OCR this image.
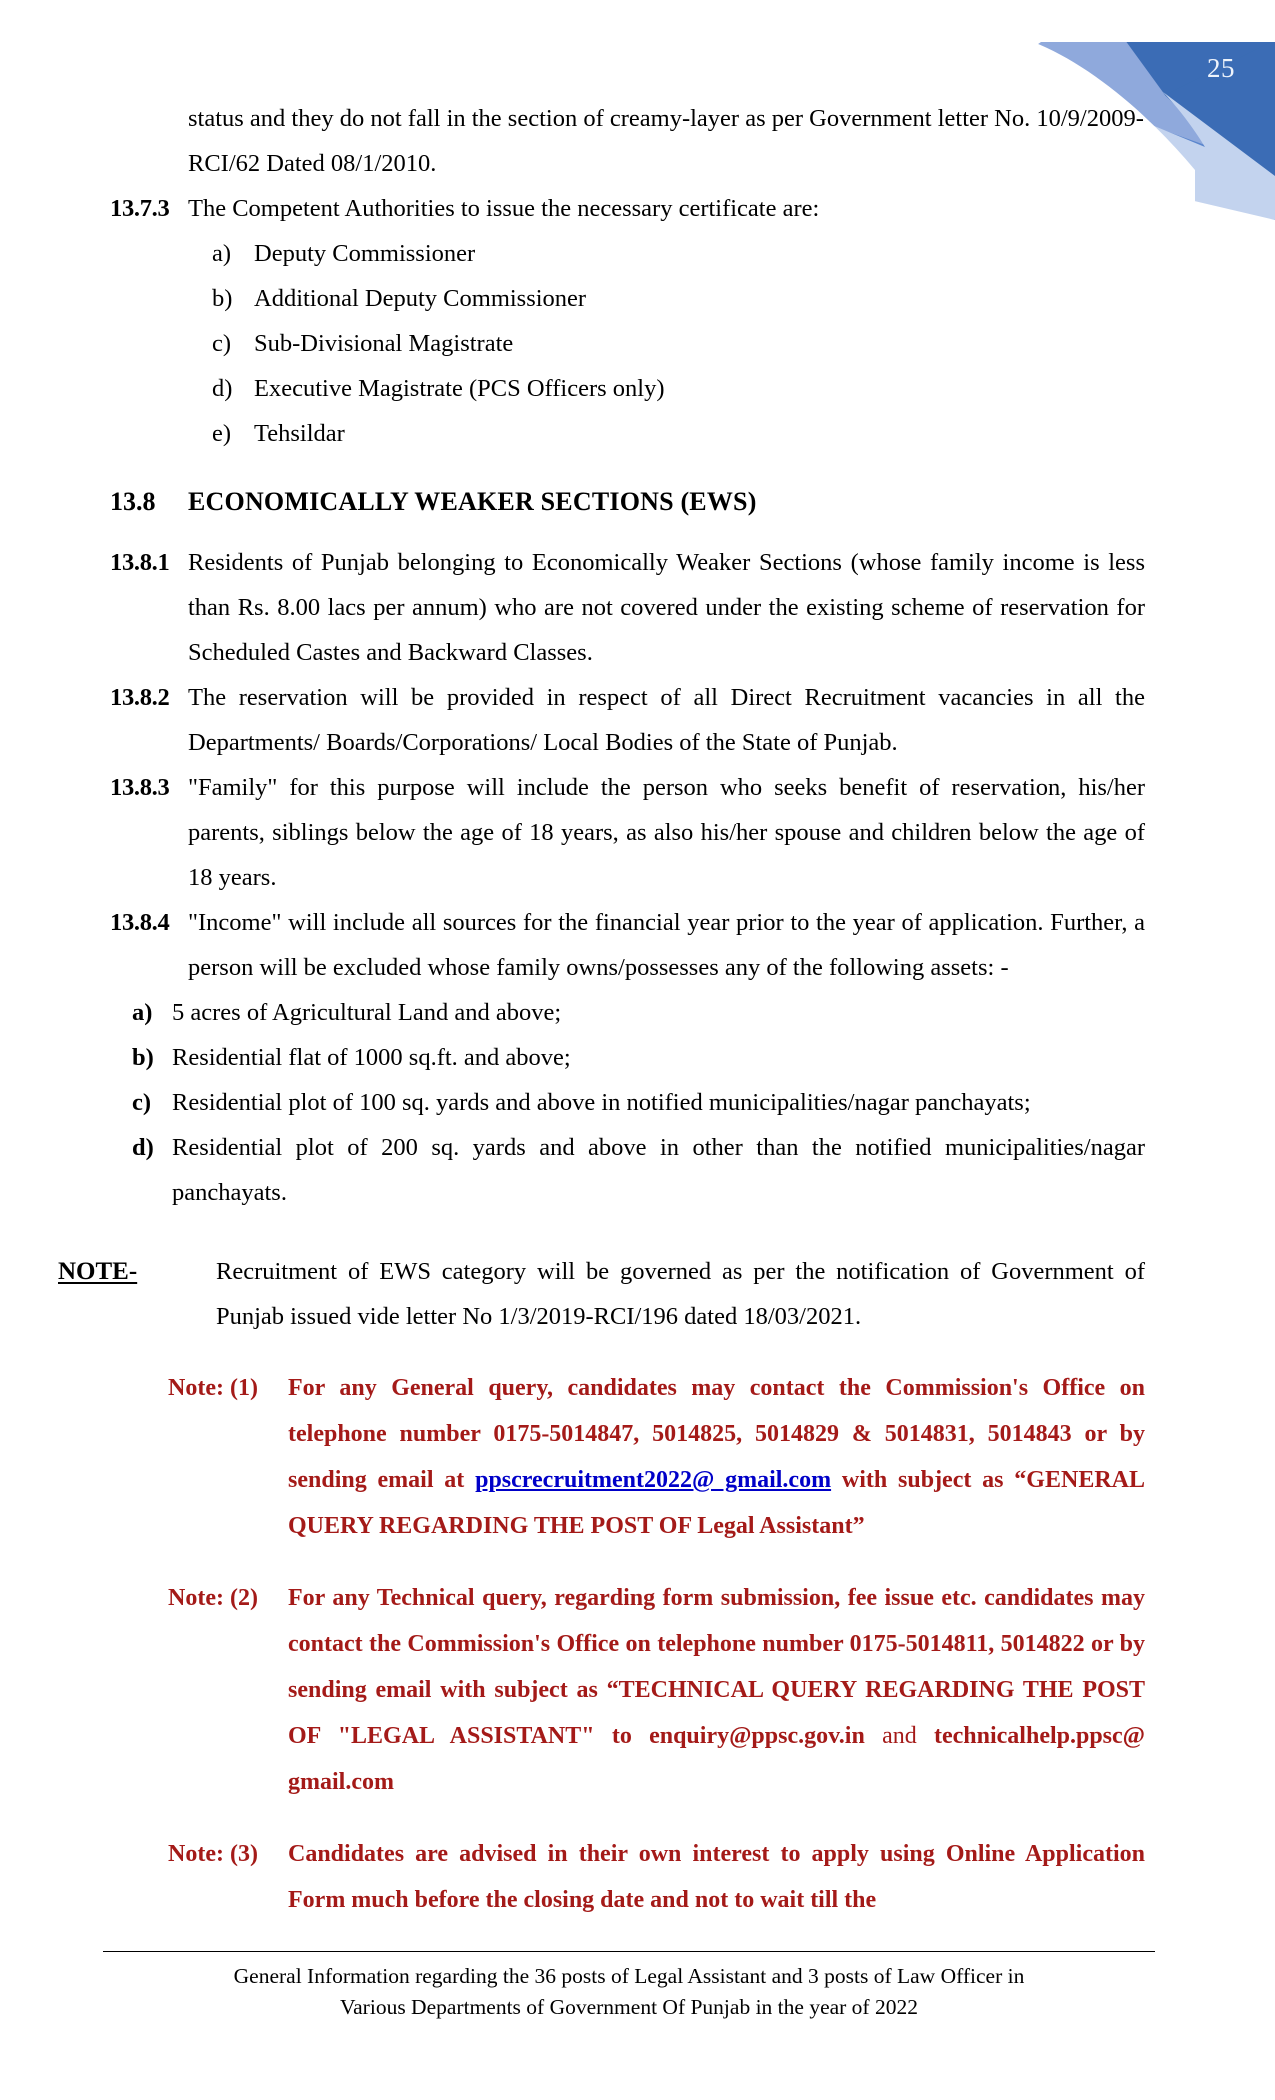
25
status and they do not fall in the section of creamy-layer as per Government letter No. 10/9/2009-RCI/62 Dated 08/1/2010.
13.7.3 The Competent Authorities to issue the necessary certificate are:
a) Deputy Commissioner
b) Additional Deputy Commissioner
c) Sub-Divisional Magistrate
d) Executive Magistrate (PCS Officers only)
e) Tehsildar
13.8	ECONOMICALLY WEAKER SECTIONS (EWS)
13.8.1 Residents of Punjab belonging to Economically Weaker Sections (whose family income is less than Rs. 8.00 lacs per annum) who are not covered under the existing scheme of reservation for Scheduled Castes and Backward Classes.
13.8.2 The reservation will be provided in respect of all Direct Recruitment vacancies in all the Departments/ Boards/Corporations/ Local Bodies of the State of Punjab.
13.8.3 "Family" for this purpose will include the person who seeks benefit of reservation, his/her parents, siblings below the age of 18 years, as also his/her spouse and children below the age of 18 years.
13.8.4 "Income" will include all sources for the financial year prior to the year of application. Further, a person will be excluded whose family owns/possesses any of the following assets: -
a) 5 acres of Agricultural Land and above;
b) Residential flat of 1000 sq.ft. and above;
c) Residential plot of 100 sq. yards and above in notified municipalities/nagar panchayats;
d) Residential plot of 200 sq. yards and above in other than the notified municipalities/nagar panchayats.
NOTE-	Recruitment of EWS category will be governed as per the notification of Government of Punjab issued vide letter No 1/3/2019-RCI/196 dated 18/03/2021.
Note: (1)	For any General query, candidates may contact the Commission's Office on telephone number 0175-5014847, 5014825, 5014829 & 5014831, 5014843 or by sending email at ppscrecruitment2022@ gmail.com with subject as “GENERAL QUERY REGARDING THE POST OF Legal Assistant”
Note: (2)	For any Technical query, regarding form submission, fee issue etc. candidates may contact the Commission's Office on telephone number 0175-5014811, 5014822 or by sending email with subject as “TECHNICAL QUERY REGARDING THE POST OF "LEGAL ASSISTANT" to enquiry@ppsc.gov.in and technicalhelp.ppsc@ gmail.com
Note: (3)	Candidates are advised in their own interest to apply using Online Application Form much before the closing date and not to wait till the
General Information regarding the 36 posts of Legal Assistant and 3 posts of Law Officer in
Various Departments of Government Of Punjab in the year of 2022
